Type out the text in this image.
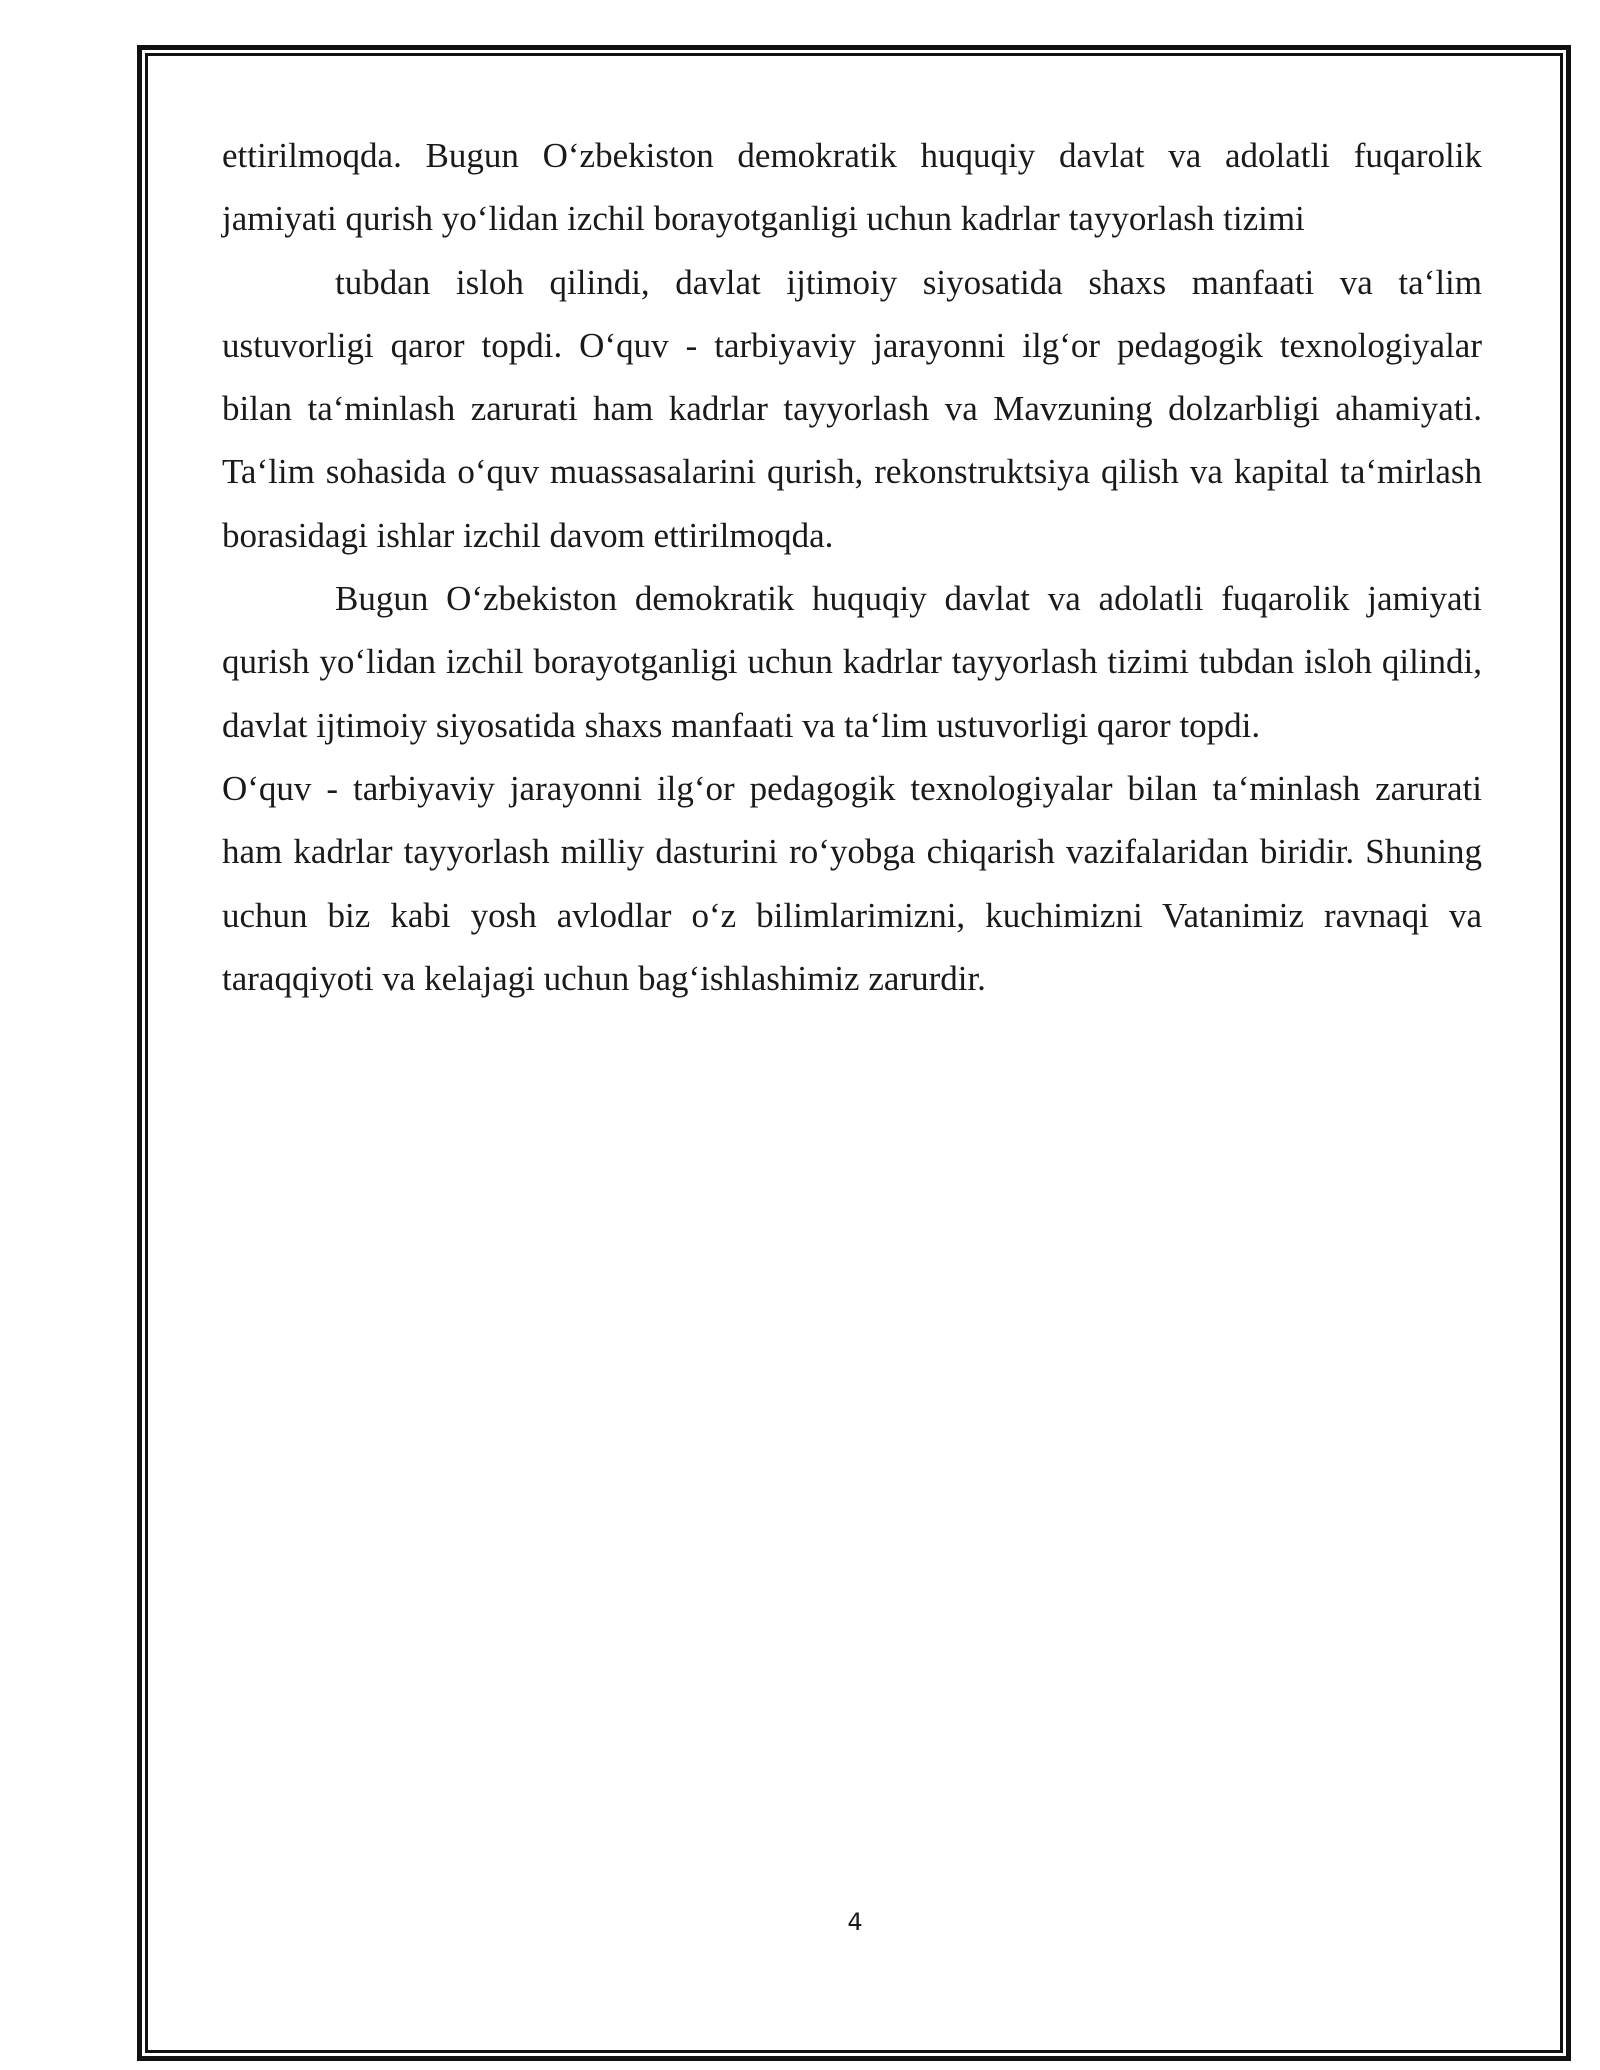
ettirilmoqda. Bugun O‘zbekiston demokratik huquqiy davlat va adolatli fuqarolik jamiyati qurish yo‘lidan izchil borayotganligi uchun kadrlar tayyorlash tizimi

tubdan isloh qilindi, davlat ijtimoiy siyosatida shaxs manfaati va ta‘lim ustuvorligi qaror topdi. O‘quv - tarbiyaviy jarayonni ilg‘or pedagogik texnologiyalar bilan ta‘minlash zarurati ham kadrlar tayyorlash va Mavzuning dolzarbligi ahamiyati. Ta‘lim sohasida o‘quv muassasalarini qurish, rekonstruktsiya qilish va kapital ta‘mirlash borasidagi ishlar izchil davom ettirilmoqda.

Bugun O‘zbekiston demokratik huquqiy davlat va adolatli fuqarolik jamiyati qurish yo‘lidan izchil borayotganligi uchun kadrlar tayyorlash tizimi tubdan isloh qilindi, davlat ijtimoiy siyosatida shaxs manfaati va ta‘lim ustuvorligi qaror topdi.

O‘quv - tarbiyaviy jarayonni ilg‘or pedagogik texnologiyalar bilan ta‘minlash zarurati ham kadrlar tayyorlash milliy dasturini ro‘yobga chiqarish vazifalaridan biridir. Shuning uchun biz kabi yosh avlodlar o‘z bilimlarimizni, kuchimizni Vatanimiz ravnaqi va taraqqiyoti va kelajagi uchun bag‘ishlashimiz zarurdir.

4
